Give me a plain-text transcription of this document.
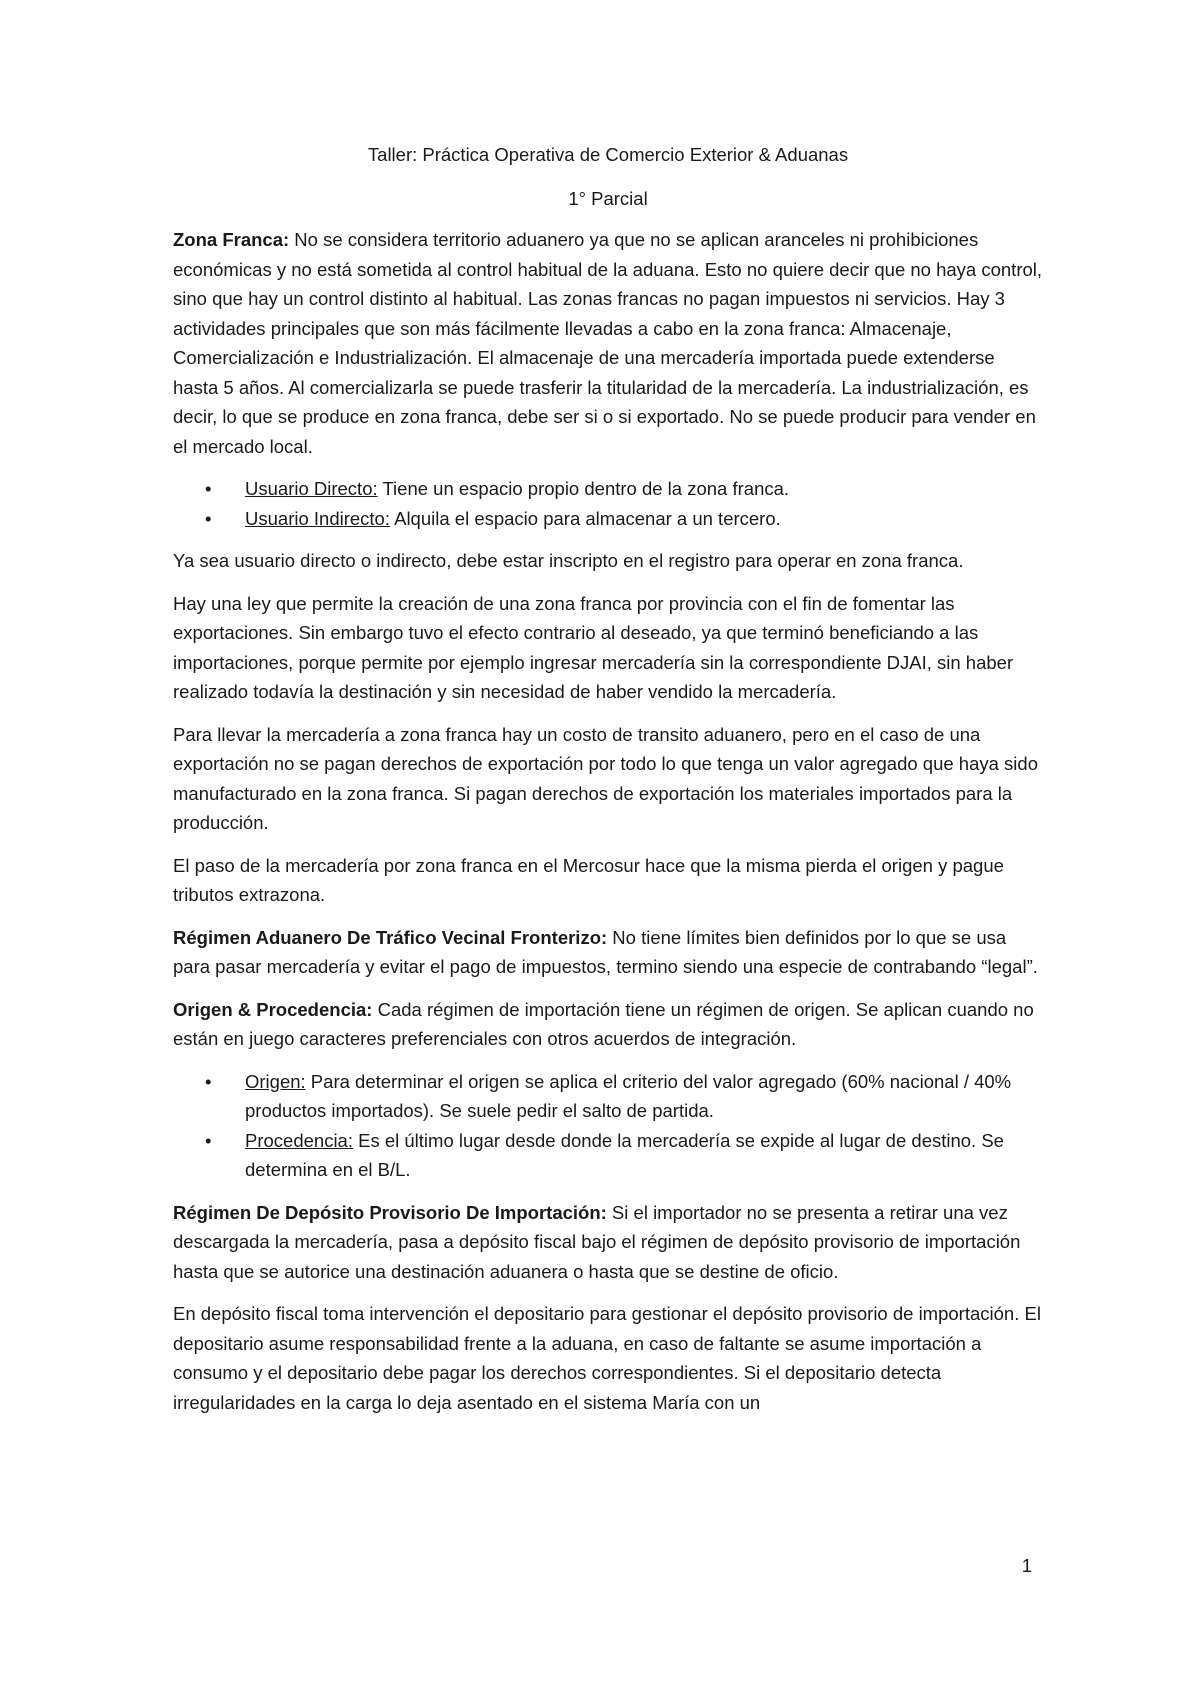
Taller: Práctica Operativa de Comercio Exterior & Aduanas
1° Parcial

Zona Franca: No se considera territorio aduanero ya que no se aplican aranceles ni prohibiciones económicas y no está sometida al control habitual de la aduana. Esto no quiere decir que no haya control, sino que hay un control distinto al habitual. Las zonas francas no pagan impuestos ni servicios. Hay 3 actividades principales que son más fácilmente llevadas a cabo en la zona franca: Almacenaje, Comercialización e Industrialización. El almacenaje de una mercadería importada puede extenderse hasta 5 años. Al comercializarla se puede trasferir la titularidad de la mercadería. La industrialización, es decir, lo que se produce en zona franca, debe ser si o si exportado. No se puede producir para vender en el mercado local.

• Usuario Directo: Tiene un espacio propio dentro de la zona franca.
• Usuario Indirecto: Alquila el espacio para almacenar a un tercero.

Ya sea usuario directo o indirecto, debe estar inscripto en el registro para operar en zona franca.

Hay una ley que permite la creación de una zona franca por provincia con el fin de fomentar las exportaciones. Sin embargo tuvo el efecto contrario al deseado, ya que terminó beneficiando a las importaciones, porque permite por ejemplo ingresar mercadería sin la correspondiente DJAI, sin haber realizado todavía la destinación y sin necesidad de haber vendido la mercadería.

Para llevar la mercadería a zona franca hay un costo de transito aduanero, pero en el caso de una exportación no se pagan derechos de exportación por todo lo que tenga un valor agregado que haya sido manufacturado en la zona franca. Si pagan derechos de exportación los materiales importados para la producción.

El paso de la mercadería por zona franca en el Mercosur hace que la misma pierda el origen y pague tributos extrazona.

Régimen Aduanero De Tráfico Vecinal Fronterizo: No tiene límites bien definidos por lo que se usa para pasar mercadería y evitar el pago de impuestos, termino siendo una especie de contrabando “legal”.

Origen & Procedencia: Cada régimen de importación tiene un régimen de origen. Se aplican cuando no están en juego caracteres preferenciales con otros acuerdos de integración.

• Origen: Para determinar el origen se aplica el criterio del valor agregado (60% nacional / 40% productos importados). Se suele pedir el salto de partida.
• Procedencia: Es el último lugar desde donde la mercadería se expide al lugar de destino. Se determina en el B/L.

Régimen De Depósito Provisorio De Importación: Si el importador no se presenta a retirar una vez descargada la mercadería, pasa a depósito fiscal bajo el régimen de depósito provisorio de importación hasta que se autorice una destinación aduanera o hasta que se destine de oficio.

En depósito fiscal toma intervención el depositario para gestionar el depósito provisorio de importación. El depositario asume responsabilidad frente a la aduana, en caso de faltante se asume importación a consumo y el depositario debe pagar los derechos correspondientes. Si el depositario detecta irregularidades en la carga lo deja asentado en el sistema María con un

1
